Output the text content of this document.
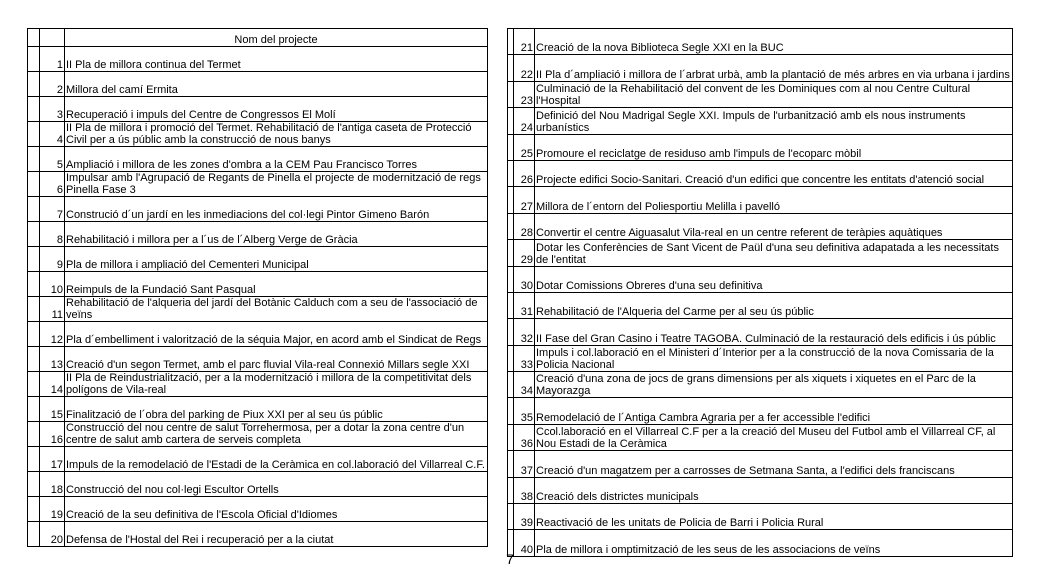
		Nom del projecte
	1	II Pla de millora continua del Termet
	2	Millora del camí Ermita
	3	Recuperació i impuls del Centre de Congressos El Molí
	4	II Pla de millora i promoció del Termet. Rehabilitació de l'antiga caseta de Protecció Civil per a ús públic amb la construcció de nous banys
	5	Ampliació i millora de les zones d'ombra a la CEM Pau Francisco Torres
	6	Impulsar amb l'Agrupació de Regants de Pinella el projecte de modernització de regs Pinella Fase 3
	7	Construció d´un jardí en les inmediacions del col·legi Pintor Gimeno Barón
	8	Rehabilitació i millora per a l´us de l´Alberg Verge de Gràcia
	9	Pla de millora i ampliació del Cementeri Municipal
	10	Reimpuls de la Fundació Sant Pasqual
	11	Rehabilitació de l'alqueria del jardí del Botànic Calduch com a seu de l'associació de veïns
	12	Pla d´embelliment i valorització de la séquia Major, en acord amb el Sindicat de Regs
	13	Creació d'un segon Termet, amb el parc fluvial Vila-real Connexió Millars segle XXI
	14	II Pla de Reindustrialització, per a la modernització i millora de la competitivitat dels polígons de Vila-real
	15	Finalització de l´obra del parking de Piux XXI per al seu ús públic
	16	Construcció del nou centre de salut Torrehermosa, per a dotar la zona centre d'un centre de salut amb cartera de serveis completa
	17	Impuls de la remodelació de l'Estadi de la Ceràmica en col.laboració del Villarreal C.F.
	18	Construcció del nou col·legi Escultor Ortells
	19	Creació de la seu definitiva de l'Escola Oficial d'Idiomes
	20	Defensa de l'Hostal del Rei i recuperació per a la ciutat
	21	Creació de la nova Biblioteca Segle XXI en la BUC
	22	II Pla d´ampliació i millora de l´arbrat urbà, amb la plantació de més arbres en via urbana i jardins
	23	Culminació de la Rehabilitació del convent de les Dominiques com al nou Centre Cultural l'Hospital
	24	Definició del Nou Madrigal Segle XXI. Impuls de l'urbanització amb els nous instruments urbanístics
	25	Promoure el reciclatge de residuso amb l'impuls de l'ecoparc mòbil
	26	Projecte edifici Socio-Sanitari. Creació d'un edifici que concentre les entitats d'atenció social
	27	Millora de l´entorn del Poliesportiu Melilla i pavelló
	28	Convertir el centre Aiguasalut Vila-real en un centre referent de teràpies aquàtiques
	29	Dotar les Conferències de Sant Vicent de Paül d'una seu definitiva adapatada a les necessitats de l'entitat
	30	Dotar Comissions Obreres d'una seu definitiva
	31	Rehabilitació de l'Alqueria del Carme per al seu ús públic
	32	II Fase del Gran Casino i Teatre TAGOBA. Culminació de la restauració dels edificis i ús públic
	33	Impuls i col.laboració en el Ministeri d´Interior per a la construcció de la nova Comissaria de la Policia Nacional
	34	Creació d'una zona de jocs de grans dimensions per als xiquets i xiquetes en el Parc de la Mayorazga
	35	Remodelació de l´Antiga Cambra Agraria per a fer accessible l'edifici
	36	Ccol.laboració en el Villarreal C.F per a la creació del Museu del Futbol amb el Villarreal CF, al Nou Estadi de la Ceràmica
	37	Creació d'un magatzem per a carrosses de Setmana Santa, a l'edifici dels franciscans
	38	Creació dels districtes municipals
	39	Reactivació de les unitats de Policia de Barri i Policia Rural
	40	Pla de millora i omptimització de les seus de les associacions de veïns
7
